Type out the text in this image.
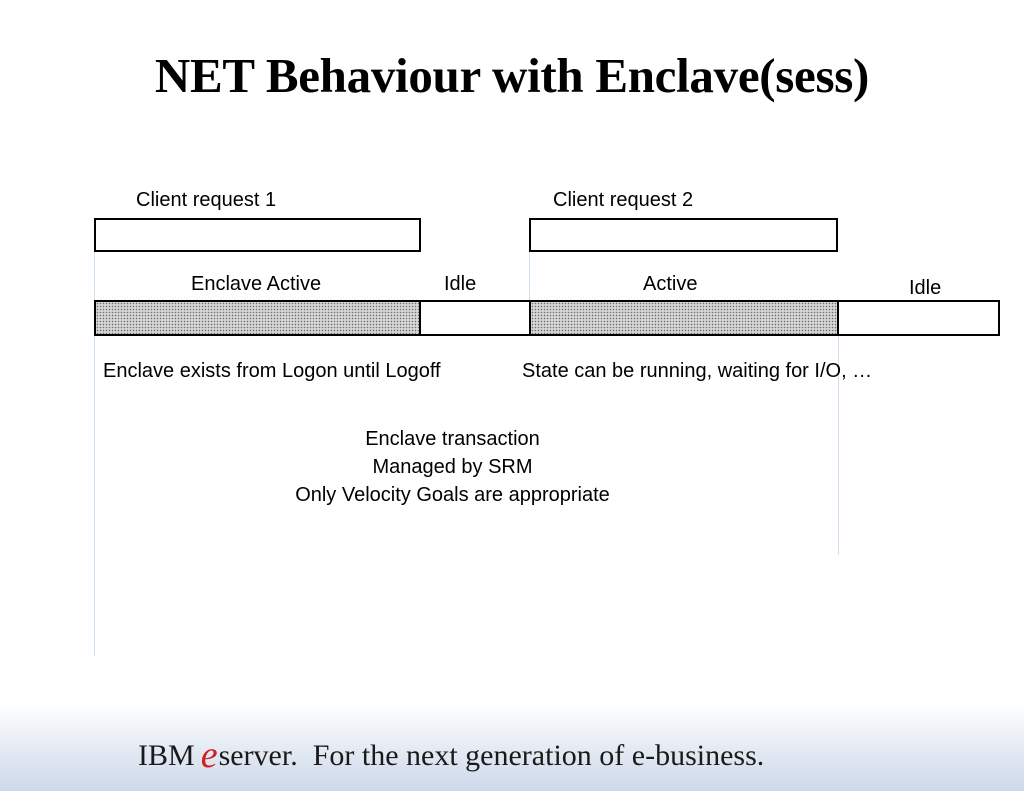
NET Behaviour with Enclave(sess)
Client request 1	Client request 2
Enclave Active	Idle	Active	Idle
Enclave exists from Logon until Logoff	State can be running, waiting for I/O, …
Enclave transaction
Managed by SRM
Only Velocity Goals are appropriate
IBM eserver. For the next generation of e-business.
